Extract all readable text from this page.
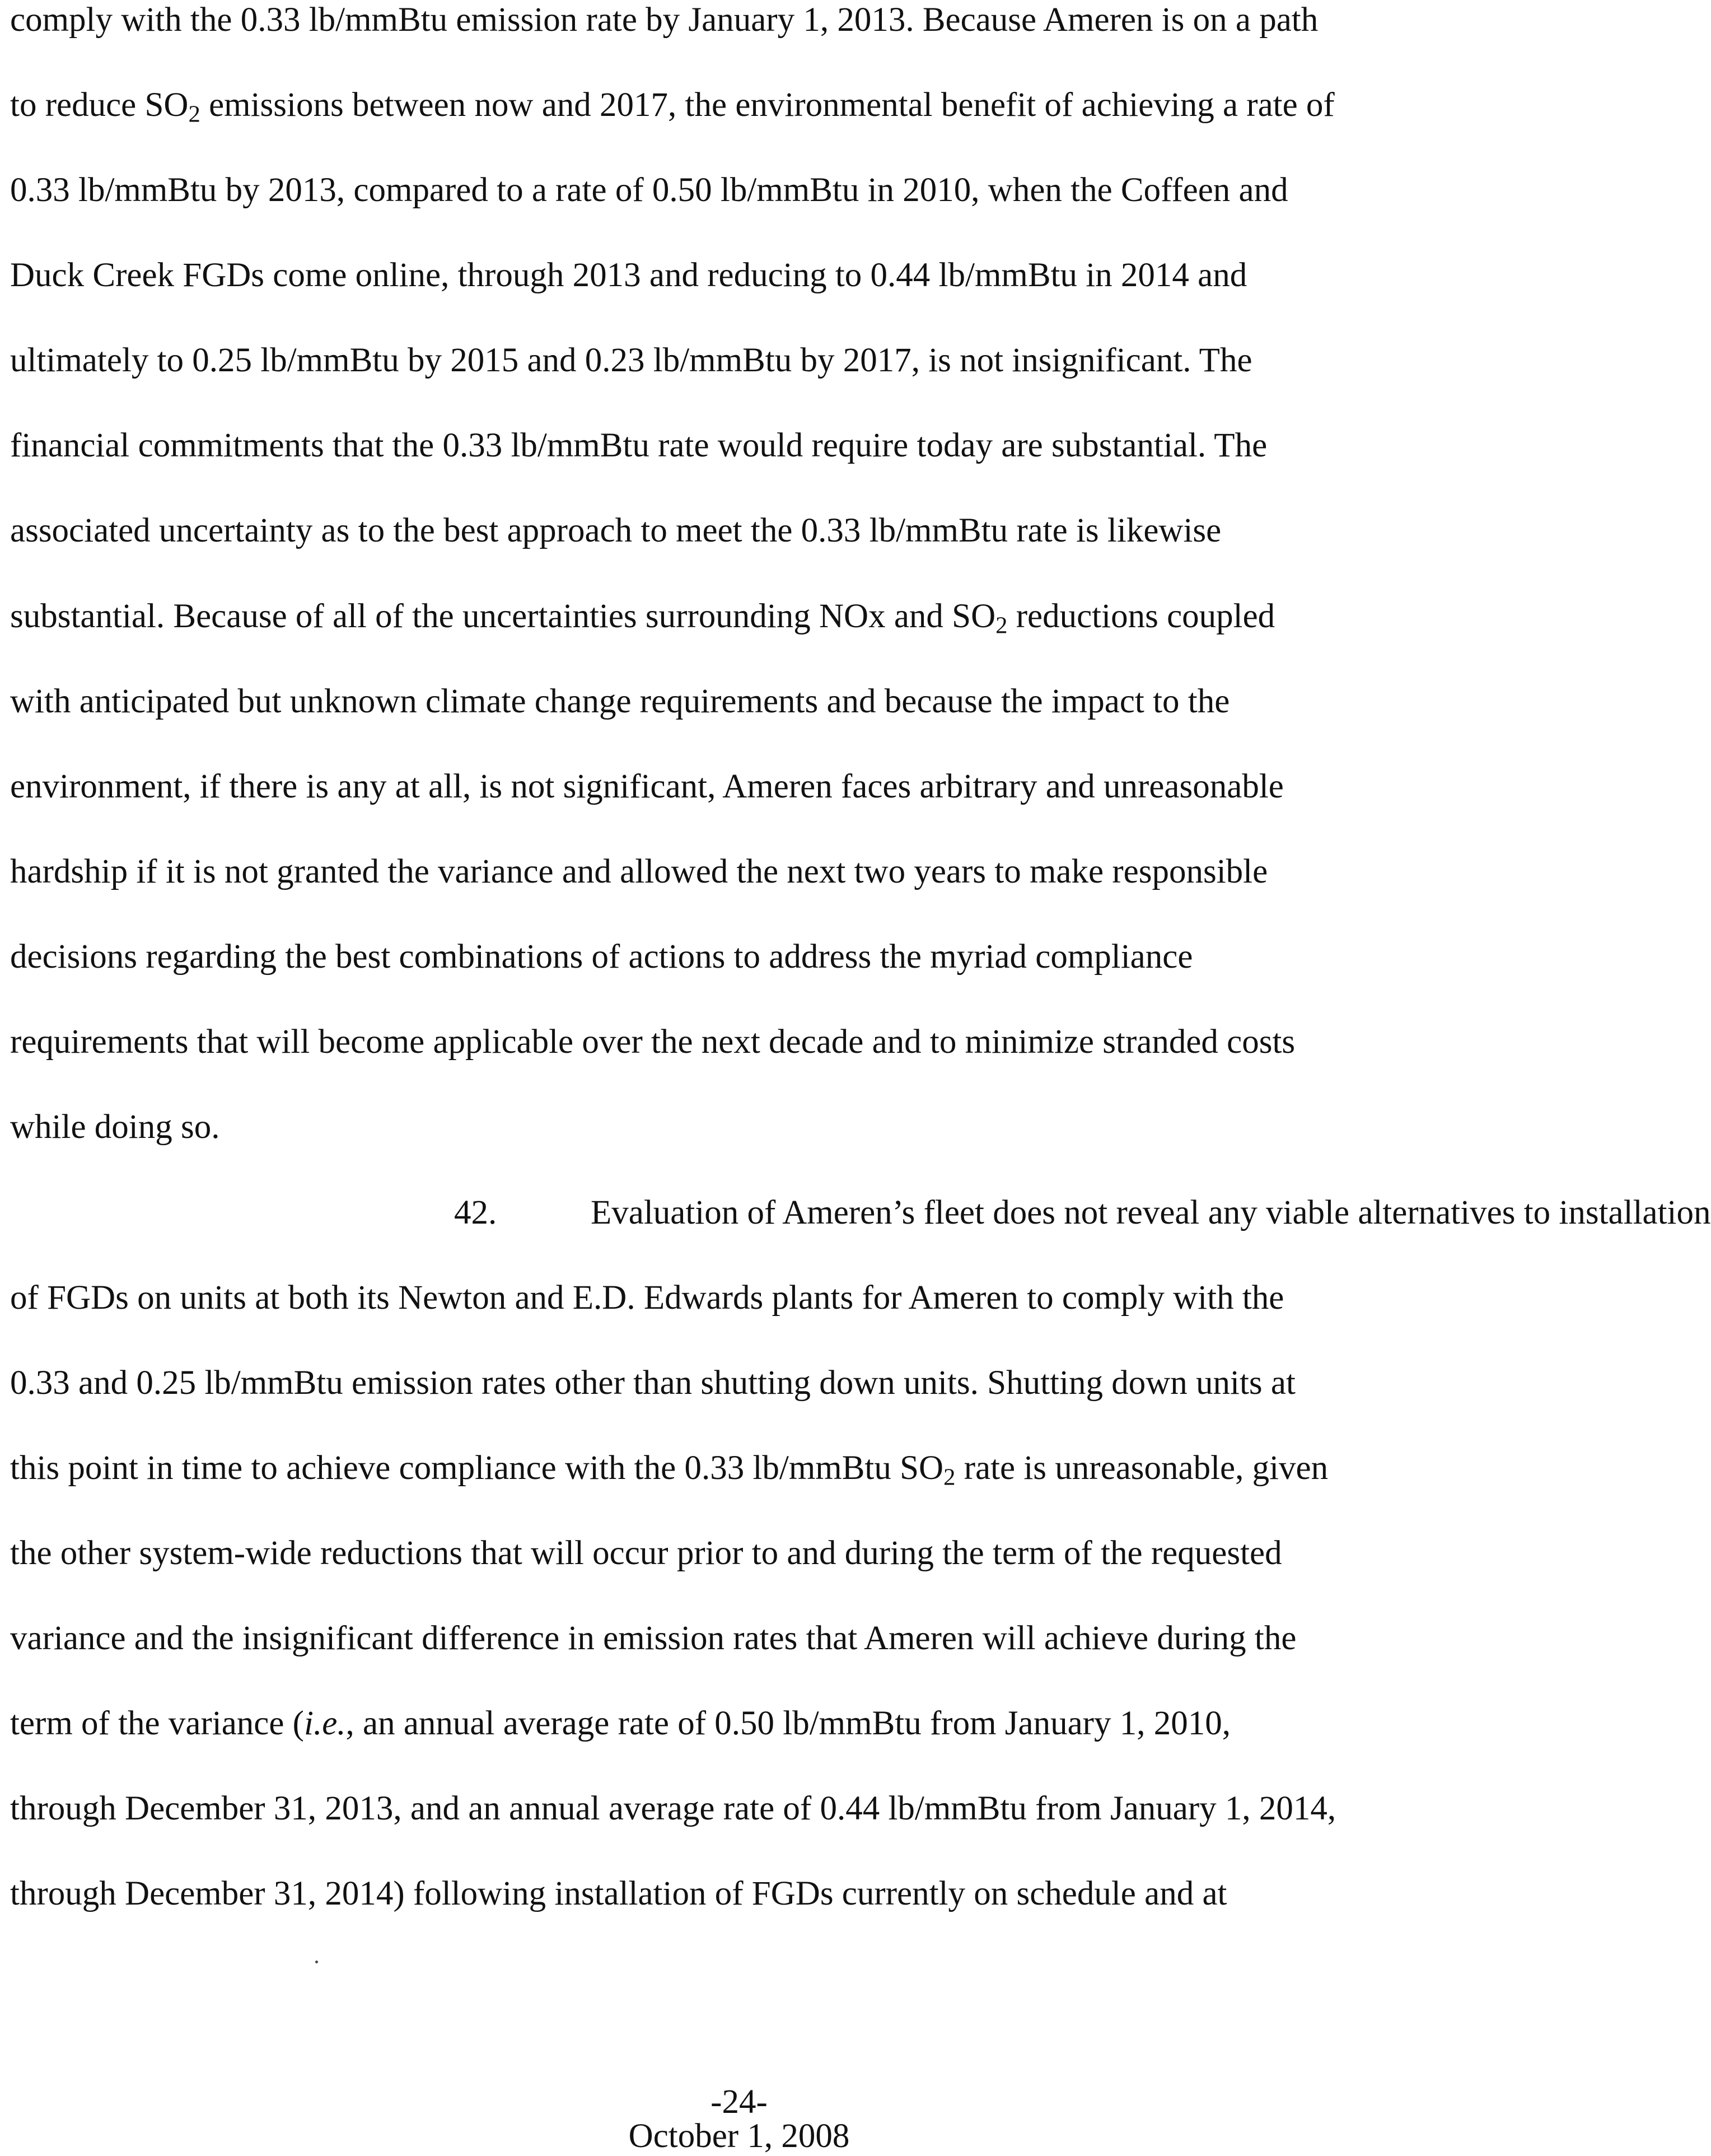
comply with the 0.33 lb/mmBtu emission rate by January 1, 2013. Because Ameren is on a path
to reduce $SO_2$ emissions between now and 2017, the environmental benefit of achieving a rate of
0.33 lb/mmBtu by 2013, compared to a rate of 0.50 lb/mmBtu in 2010, when the Coffeen and
Duck Creek FGDs come online, through 2013 and reducing to 0.44 lb/mmBtu in 2014 and
ultimately to 0.25 lb/mmBtu by 2015 and 0.23 lb/mmBtu by 2017, is not insignificant. The
financial commitments that the 0.33 lb/mmBtu rate would require today are substantial. The
associated uncertainty as to the best approach to meet the 0.33 lb/mmBtu rate is likewise
substantial. Because of all of the uncertainties surrounding NOx and $SO_2$ reductions coupled
with anticipated but unknown climate change requirements and because the impact to the
environment, if there is any at all, is not significant, Ameren faces arbitrary and unreasonable
hardship if it is not granted the variance and allowed the next two years to make responsible
decisions regarding the best combinations of actions to address the myriad compliance
requirements that will become applicable over the next decade and to minimize stranded costs
while doing so.
42.           Evaluation of Ameren’s fleet does not reveal any viable alternatives to installation
of FGDs on units at both its Newton and E.D. Edwards plants for Ameren to comply with the
0.33 and 0.25 lb/mmBtu emission rates other than shutting down units. Shutting down units at
this point in time to achieve compliance with the 0.33 lb/mmBtu $SO_2$ rate is unreasonable, given
the other system-wide reductions that will occur prior to and during the term of the requested
variance and the insignificant difference in emission rates that Ameren will achieve during the
term of the variance (i.e., an annual average rate of 0.50 lb/mmBtu from January 1, 2010,
through December 31, 2013, and an annual average rate of 0.44 lb/mmBtu from January 1, 2014,
through December 31, 2014) following installation of FGDs currently on schedule and at
-24-
October 1, 2008
